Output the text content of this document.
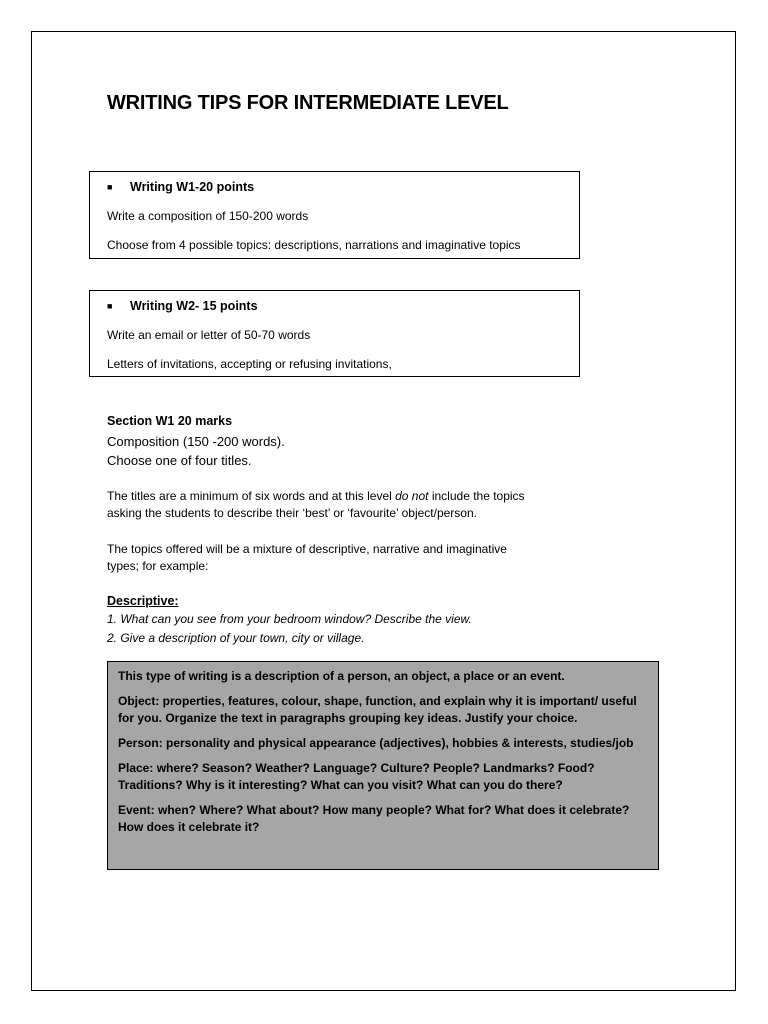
WRITING TIPS FOR INTERMEDIATE LEVEL
■ Writing W1-20 points
Write a composition of 150-200 words
Choose from 4 possible topics: descriptions, narrations and imaginative topics
■ Writing W2- 15 points
Write an email or letter of 50-70 words
Letters of invitations, accepting or refusing invitations,
Section W1 20 marks
Composition (150 -200 words).
Choose one of four titles.

The titles are a minimum of six words and at this level do not include the topics asking the students to describe their ‘best’ or ‘favourite’ object/person.

The topics offered will be a mixture of descriptive, narrative and imaginative types; for example:

Descriptive:
1. What can you see from your bedroom window? Describe the view.
2. Give a description of your town, city or village.

This type of writing is a description of a person, an object, a place or an event.

Object: properties, features, colour, shape, function, and explain why it is important/ useful for you. Organize the text in paragraphs grouping key ideas. Justify your choice.

Person: personality and physical appearance (adjectives), hobbies & interests, studies/job

Place: where? Season? Weather? Language? Culture? People? Landmarks? Food? Traditions? Why is it interesting? What can you visit? What can you do there?

Event: when? Where? What about? How many people? What for? What does it celebrate? How does it celebrate it?
